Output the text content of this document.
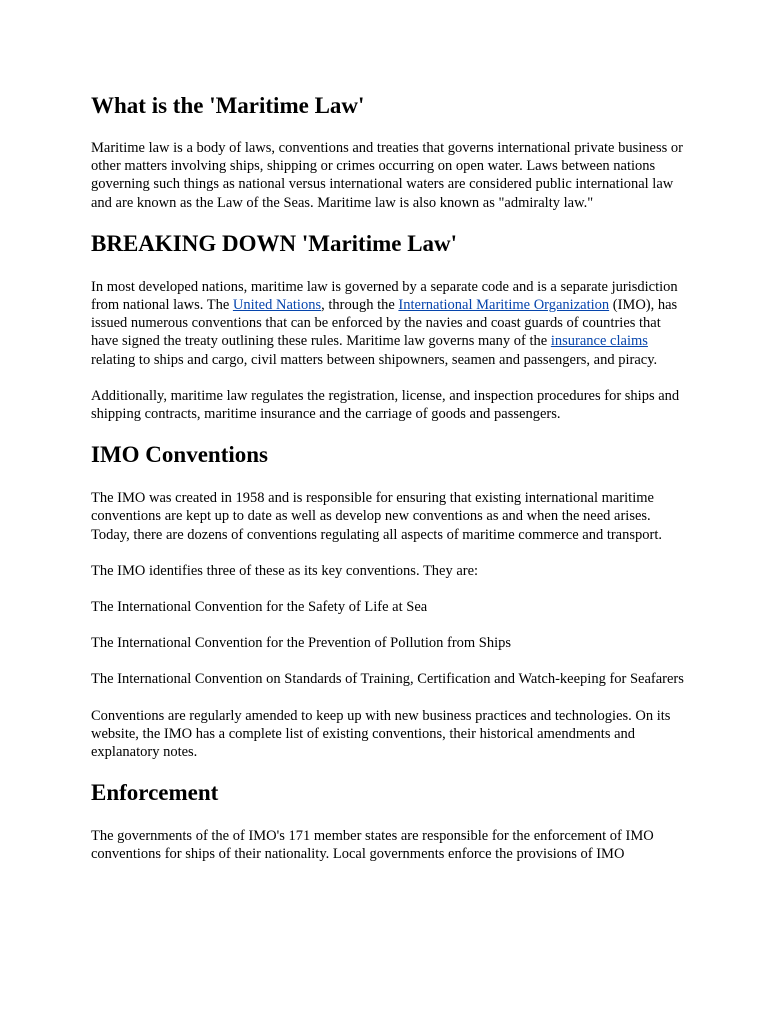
What is the 'Maritime Law'

Maritime law is a body of laws, conventions and treaties that governs international private business or other matters involving ships, shipping or crimes occurring on open water. Laws between nations governing such things as national versus international waters are considered public international law and are known as the Law of the Seas. Maritime law is also known as "admiralty law."

BREAKING DOWN 'Maritime Law'

In most developed nations, maritime law is governed by a separate code and is a separate jurisdiction from national laws. The United Nations, through the International Maritime Organization (IMO), has issued numerous conventions that can be enforced by the navies and coast guards of countries that have signed the treaty outlining these rules. Maritime law governs many of the insurance claims relating to ships and cargo, civil matters between shipowners, seamen and passengers, and piracy.

Additionally, maritime law regulates the registration, license, and inspection procedures for ships and shipping contracts, maritime insurance and the carriage of goods and passengers.

IMO Conventions

The IMO was created in 1958 and is responsible for ensuring that existing international maritime conventions are kept up to date as well as develop new conventions as and when the need arises. Today, there are dozens of conventions regulating all aspects of maritime commerce and transport.

The IMO identifies three of these as its key conventions. They are:

The International Convention for the Safety of Life at Sea

The International Convention for the Prevention of Pollution from Ships

The International Convention on Standards of Training, Certification and Watch-keeping for Seafarers

Conventions are regularly amended to keep up with new business practices and technologies. On its website, the IMO has a complete list of existing conventions, their historical amendments and explanatory notes.

Enforcement

The governments of the of IMO's 171 member states are responsible for the enforcement of IMO conventions for ships of their nationality. Local governments enforce the provisions of IMO
